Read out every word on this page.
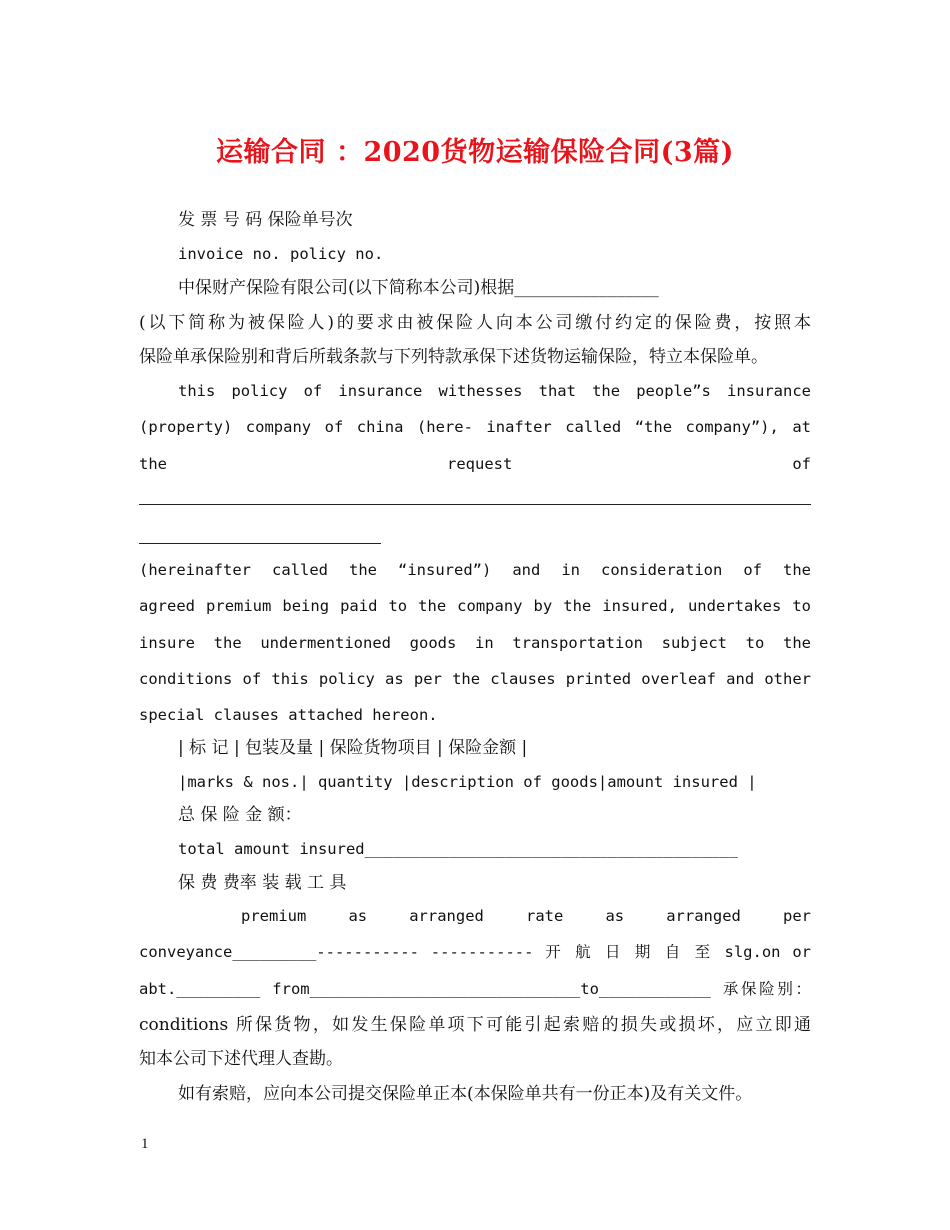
运输合同 ：2020货物运输保险合同(3篇)
发 票 号 码 保险单号次
invoice no. policy no.
中保财产保险有限公司(以下简称本公司)根据_________________
(以下简称为被保险人)的要求由被保险人向本公司缴付约定的保险费，按照本
保险单承保险别和背后所载条款与下列特款承保下述货物运输保险，特立本保险单。
this policy of insurance withesses that the people”s insurance
(property) company of china (here- inafter called “the company”), at
the request of
(hereinafter called the “insured”) and in consideration of the
agreed premium being paid to the company by the insured, undertakes to
insure the undermentioned goods in transportation subject to the
conditions of this policy as per the clauses printed overleaf and other
special clauses attached hereon.
| 标 记 | 包装及量 | 保险货物项目 | 保险金额 |
|marks & nos.| quantity |description of goods|amount insured |
总 保 险 金 额：
total amount insured________________________________________
保 费 费率 装 载 工 具
premium as arranged rate as arranged per
conveyance_________----------- ----------- 开 航 日 期 自 至 slg.on or
abt._________ from_____________________________to____________ 承保险别：
conditions 所保货物，如发生保险单项下可能引起索赔的损失或损坏，应立即通
知本公司下述代理人查勘。
如有索赔，应向本公司提交保险单正本(本保险单共有一份正本)及有关文件。
1
